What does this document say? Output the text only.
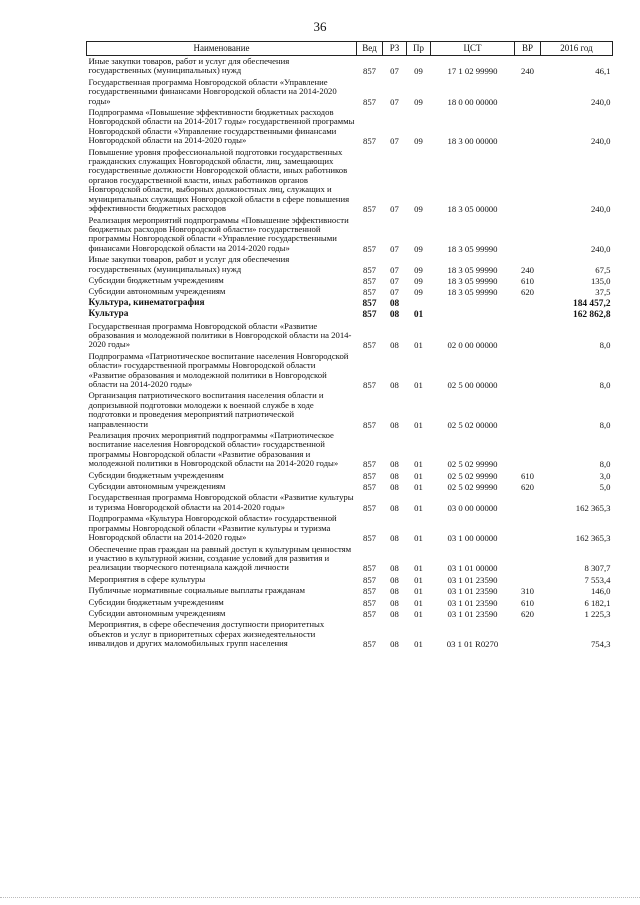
36
Наименование	Вед	РЗ	Пр	ЦСТ	ВР	2016 год
Иные закупки товаров, работ и услуг для обеспечения государственных (муниципальных) нужд	857	07	09	17 1 02 99990	240	46,1
Государственная программа Новгородской области «Управление государственными финансами Новгородской области на 2014-2020 годы»	857	07	09	18 0 00 00000		240,0
Подпрограмма «Повышение эффективности бюджетных расходов Новгородской области на 2014-2017 годы» государственной программы Новгородской области «Управление государственными финансами Новгородской области на 2014-2020 годы»	857	07	09	18 3 00 00000		240,0
Повышение уровня профессиональной подготовки государственных гражданских служащих Новгородской области, лиц, замещающих государственные должности Новгородской области, иных работников органов государственной власти, иных работников органов Новгородской области, выборных должностных лиц, служащих и муниципальных служащих Новгородской области в сфере повышения эффективности бюджетных расходов	857	07	09	18 3 05 00000		240,0
Реализация мероприятий подпрограммы «Повышение эффективности бюджетных расходов Новгородской области» государственной программы Новгородской области «Управление государственными финансами Новгородской области на 2014-2020 годы»	857	07	09	18 3 05 99990		240,0
Иные закупки товаров, работ и услуг для обеспечения государственных (муниципальных) нужд	857	07	09	18 3 05 99990	240	67,5
Субсидии бюджетным учреждениям	857	07	09	18 3 05 99990	610	135,0
Субсидии автономным учреждениям	857	07	09	18 3 05 99990	620	37,5
Культура, кинематография	857	08				184 457,2
Культура	857	08	01			162 862,8
Государственная программа Новгородской области «Развитие образования и молодежной политики в Новгородской области на 2014-2020 годы»	857	08	01	02 0 00 00000		8,0
Подпрограмма «Патриотическое воспитание населения Новгородской области» государственной программы Новгородской области «Развитие образования и молодежной политики в Новгородской области на 2014-2020 годы»	857	08	01	02 5 00 00000		8,0
Организация патриотического воспитания населения области и допризывной подготовки молодежи к военной службе в ходе подготовки и проведения мероприятий патриотической направленности	857	08	01	02 5 02 00000		8,0
Реализация прочих мероприятий подпрограммы «Патриотическое воспитание населения Новгородской области» государственной программы Новгородской области «Развитие образования и молодежной политики в Новгородской области на 2014-2020 годы»	857	08	01	02 5 02 99990		8,0
Субсидии бюджетным учреждениям	857	08	01	02 5 02 99990	610	3,0
Субсидии автономным учреждениям	857	08	01	02 5 02 99990	620	5,0
Государственная программа Новгородской области «Развитие культуры и туризма Новгородской области на 2014-2020 годы»	857	08	01	03 0 00 00000		162 365,3
Подпрограмма «Культура Новгородской области» государственной программы Новгородской области «Развитие культуры и туризма Новгородской области на 2014-2020 годы»	857	08	01	03 1 00 00000		162 365,3
Обеспечение прав граждан на равный доступ к культурным ценностям и участию в культурной жизни, создание условий для развития и реализации творческого потенциала каждой личности	857	08	01	03 1 01 00000		8 307,7
Мероприятия в сфере культуры	857	08	01	03 1 01 23590		7 553,4
Публичные нормативные социальные выплаты гражданам	857	08	01	03 1 01 23590	310	146,0
Субсидии бюджетным учреждениям	857	08	01	03 1 01 23590	610	6 182,1
Субсидии автономным учреждениям	857	08	01	03 1 01 23590	620	1 225,3
Мероприятия, в сфере обеспечения доступности приоритетных объектов и услуг в приоритетных сферах жизнедеятельности инвалидов и других маломобильных групп населения	857	08	01	03 1 01 R0270		754,3
